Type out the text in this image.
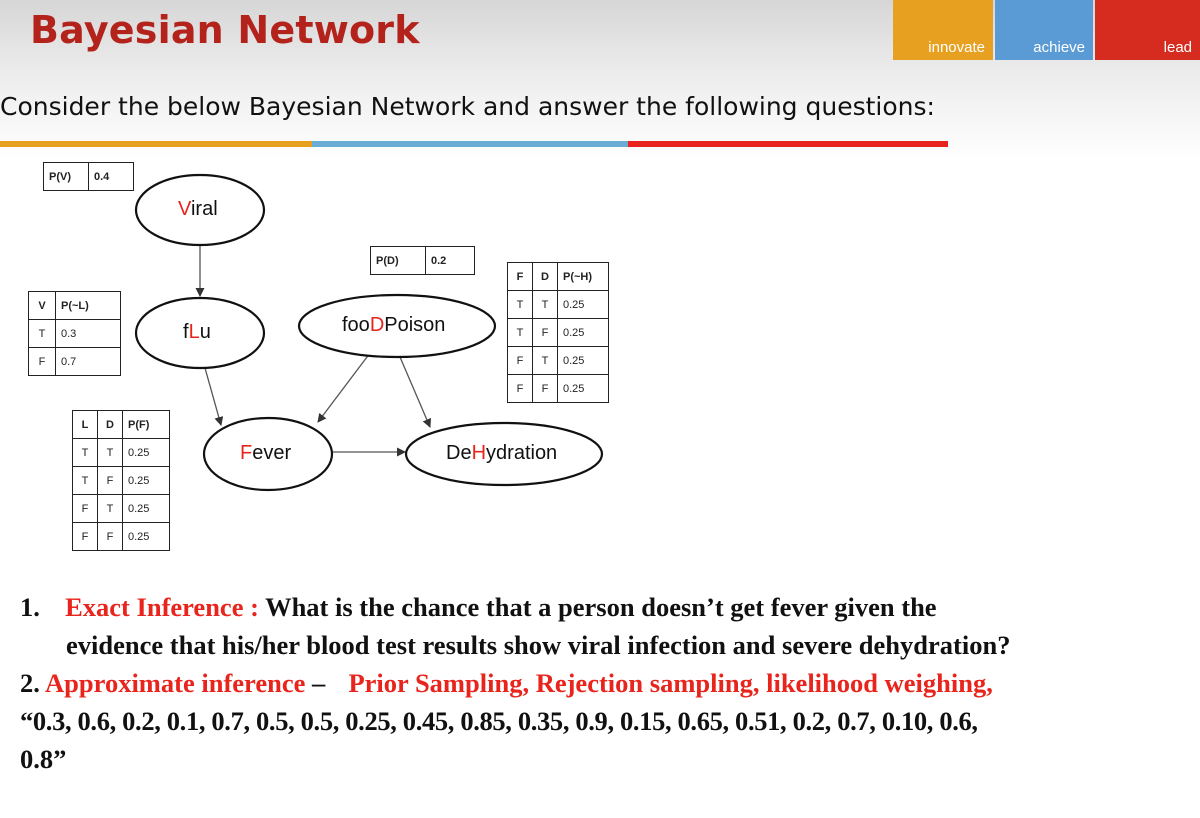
Bayesian Network	innovate	achieve	lead
Consider the below Bayesian Network and answer the following questions:
Viral
fLu	fooDPoison
Fever	DeHydration
P(V)	0.4
P(D)	0.2
V	P(~L)
T	0.3
F	0.7
L	D	P(F)
T	T	0.25
T	F	0.25
F	T	0.25
F	F	0.25
F	D	P(~H)
T	T	0.25
T	F	0.25
F	T	0.25
F	F	0.25
1. Exact Inference : What is the chance that a person doesn’t get fever given the
evidence that his/her blood test results show viral infection and severe dehydration?
2. Approximate inference – Prior Sampling, Rejection sampling, likelihood weighing,
“0.3, 0.6, 0.2, 0.1, 0.7, 0.5, 0.5, 0.25, 0.45, 0.85, 0.35, 0.9, 0.15, 0.65, 0.51, 0.2, 0.7, 0.10, 0.6,
0.8”
